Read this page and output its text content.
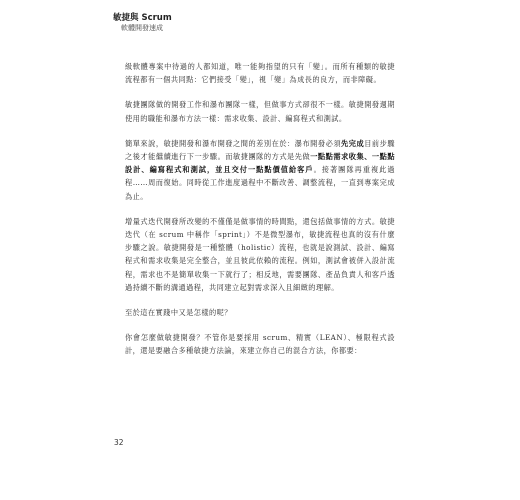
敏捷與 Scrum
軟體開發速成

級軟體專案中待過的人都知道，唯一能夠指望的只有「變」。而所有種類的敏捷流程都有一個共同點：它們接受「變」，視「變」為成長的良方，而非障礙。

敏捷團隊做的開發工作和瀑布團隊一樣，但做事方式卻很不一樣。敏捷開發週期使用的職能和瀑布方法一樣：需求收集、設計、編寫程式和測試。

簡單來說，敏捷開發和瀑布開發之間的差別在於：瀑布開發必須先完成目前步驟之後才能繼續進行下一步驟。而敏捷團隊的方式是先做一點點需求收集、一點點設計、編寫程式和測試，並且交付一點點價值給客戶。接著團隊再重複此過程……周而復始。同時從工作進度過程中不斷改善、調整流程，一直到專案完成為止。

增量式迭代開發所改變的不僅僅是做事情的時間點，還包括做事情的方式。敏捷迭代（在 scrum 中稱作「sprint」）不是微型瀑布，敏捷流程也真的沒有什麼步驟之說。敏捷開發是一種整體（holistic）流程，也就是說測試、設計、編寫程式和需求收集是完全整合，並且彼此依賴的流程。例如，測試會被併入設計流程，需求也不是簡單收集一下就行了；相反地，需要團隊、產品負責人和客戶透過持續不斷的溝通過程，共同建立起對需求深入且細緻的理解。

至於這在實踐中又是怎樣的呢？

你會怎麼做敏捷開發？不管你是要採用 scrum、精實（LEAN）、極限程式設計，還是要融合多種敏捷方法論，來建立你自己的混合方法，你都要：

32
